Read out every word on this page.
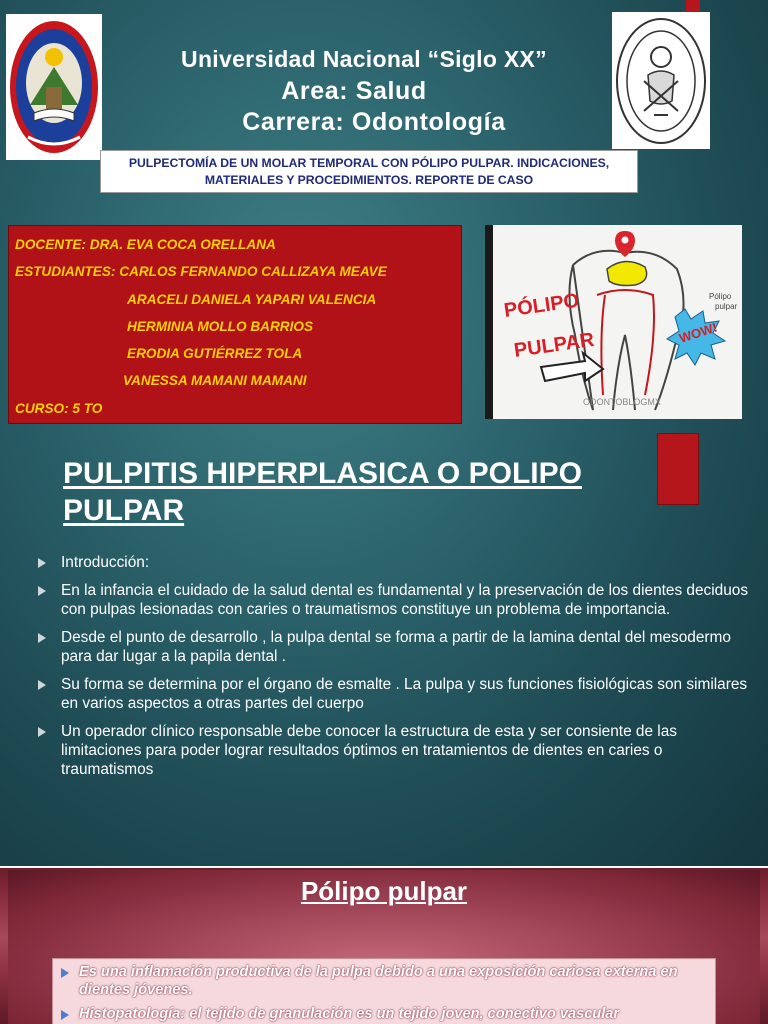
Universidad Nacional “Siglo XX”
Area: Salud
Carrera: Odontología
PULPECTOMÍA DE UN MOLAR TEMPORAL CON PÓLIPO PULPAR. INDICACIONES, MATERIALES Y PROCEDIMIENTOS. REPORTE DE CASO
DOCENTE: DRA. EVA COCA ORELLANA
ESTUDIANTES: CARLOS FERNANDO CALLIZAYA MEAVE
ARACELI DANIELA YAPARI VALENCIA
HERMINIA MOLLO BARRIOS
ERODIA GUTIÉRREZ TOLA
VANESSA MAMANI MAMANI
CURSO: 5 TO
PÓLIPO
PULPAR	WOW!
Pólipo
pulpar
ODONTOBLOGMX
PULPITIS HIPERPLASICA O POLIPO PULPAR
Introducción:
En la infancia el cuidado de la salud dental es fundamental y la preservación de los dientes deciduos con pulpas lesionadas con caries o traumatismos constituye un problema de importancia.
Desde el punto de desarrollo , la pulpa dental se forma a partir de la lamina dental del mesodermo para dar lugar a la papila dental .
Su forma se determina por el órgano de esmalte . La pulpa y sus funciones fisiológicas son similares en varios aspectos a otras partes del cuerpo
Un operador clínico responsable debe conocer la estructura de esta y ser consiente de las limitaciones para poder lograr resultados óptimos en tratamientos de dientes en caries o traumatismos
Pólipo pulpar
Es una inflamación productiva de la pulpa debido a una exposición cariosa externa en dientes jóvenes.
Histopatología: el tejido de granulación es un tejido joven, conectivo vascular
